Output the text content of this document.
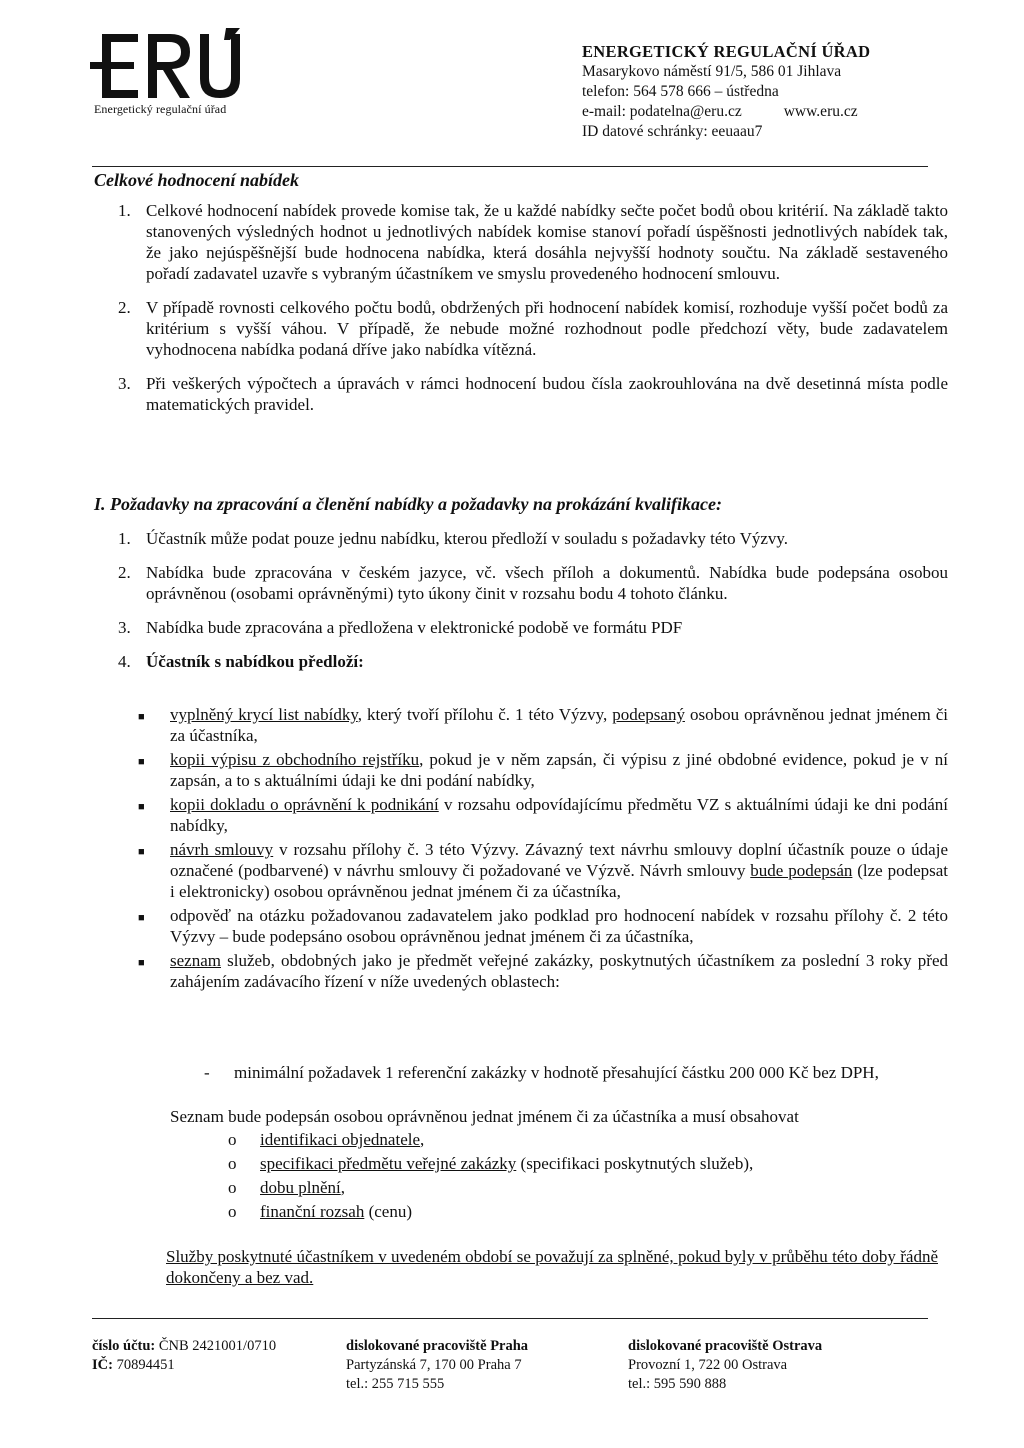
Energetický regulační úřad
ENERGETICKÝ REGULAČNÍ ÚŘAD
Masarykovo náměstí 91/5, 586 01 Jihlava
telefon: 564 578 666 – ústředna
e-mail: podatelna@eru.cz	www.eru.cz
ID datové schránky: eeuaau7
Celkové hodnocení nabídek
1. Celkové hodnocení nabídek provede komise tak, že u každé nabídky sečte počet bodů obou kritérií. Na základě takto stanovených výsledných hodnot u jednotlivých nabídek komise stanoví pořadí úspěšnosti jednotlivých nabídek tak, že jako nejúspěšnější bude hodnocena nabídka, která dosáhla nejvyšší hodnoty součtu. Na základě sestaveného pořadí zadavatel uzavře s vybraným účastníkem ve smyslu provedeného hodnocení smlouvu.
2. V případě rovnosti celkového počtu bodů, obdržených při hodnocení nabídek komisí, rozhoduje vyšší počet bodů za kritérium s vyšší váhou. V případě, že nebude možné rozhodnout podle předchozí věty, bude zadavatelem vyhodnocena nabídka podaná dříve jako nabídka vítězná.
3. Při veškerých výpočtech a úpravách v rámci hodnocení budou čísla zaokrouhlována na dvě desetinná místa podle matematických pravidel.
I. Požadavky na zpracování a členění nabídky a požadavky na prokázání kvalifikace:
1. Účastník může podat pouze jednu nabídku, kterou předloží v souladu s požadavky této Výzvy.
2. Nabídka bude zpracována v českém jazyce, vč. všech příloh a dokumentů. Nabídka bude podepsána osobou oprávněnou (osobami oprávněnými) tyto úkony činit v rozsahu bodu 4 tohoto článku.
3. Nabídka bude zpracována a předložena v elektronické podobě ve formátu PDF
4. Účastník s nabídkou předloží:
■	vyplněný krycí list nabídky, který tvoří přílohu č. 1 této Výzvy, podepsaný osobou oprávněnou jednat jménem či za účastníka,
■	kopii výpisu z obchodního rejstříku, pokud je v něm zapsán, či výpisu z jiné obdobné evidence, pokud je v ní zapsán, a to s aktuálními údaji ke dni podání nabídky,
■	kopii dokladu o oprávnění k podnikání v rozsahu odpovídajícímu předmětu VZ s aktuálními údaji ke dni podání nabídky,
■	návrh smlouvy v rozsahu přílohy č. 3 této Výzvy. Závazný text návrhu smlouvy doplní účastník pouze o údaje označené (podbarvené) v návrhu smlouvy či požadované ve Výzvě. Návrh smlouvy bude podepsán (lze podepsat i elektronicky) osobou oprávněnou jednat jménem či za účastníka,
■	odpověď na otázku požadovanou zadavatelem jako podklad pro hodnocení nabídek v rozsahu přílohy č. 2 této Výzvy – bude podepsáno osobou oprávněnou jednat jménem či za účastníka,
■	seznam služeb, obdobných jako je předmět veřejné zakázky, poskytnutých účastníkem za poslední 3 roky před zahájením zadávacího řízení v níže uvedených oblastech:
-	minimální požadavek 1 referenční zakázky v hodnotě přesahující částku 200 000 Kč bez DPH,
Seznam bude podepsán osobou oprávněnou jednat jménem či za účastníka a musí obsahovat
o	identifikaci objednatele,
o	specifikaci předmětu veřejné zakázky (specifikaci poskytnutých služeb),
o	dobu plnění,
o	finanční rozsah (cenu)
Služby poskytnuté účastníkem v uvedeném období se považují za splněné, pokud byly v průběhu této doby řádně dokončeny a bez vad.
číslo účtu: ČNB 2421001/0710
IČ: 70894451
dislokované pracoviště Praha
Partyzánská 7, 170 00 Praha 7
tel.: 255 715 555
dislokované pracoviště Ostrava
Provozní 1, 722 00 Ostrava
tel.: 595 590 888
